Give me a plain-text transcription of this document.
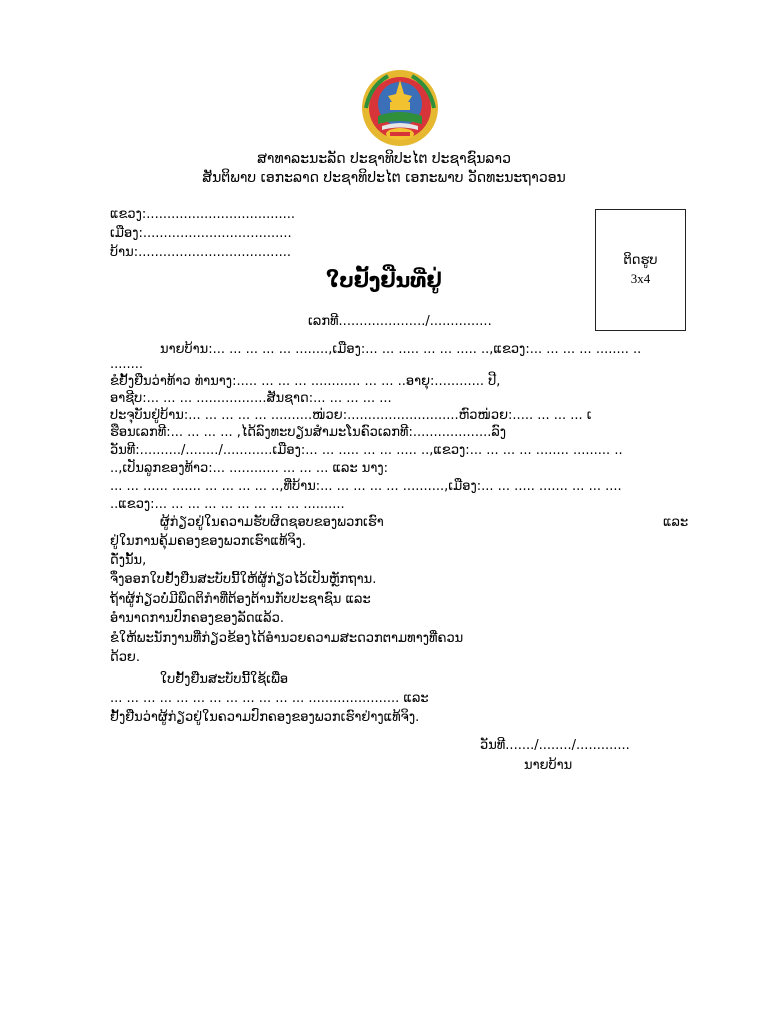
ສາທາລະນະລັດ ປະຊາທິປະໄຕ ປະຊາຊົນລາວ
ສັນຕິພາບ ເອກະລາດ ປະຊາທິປະໄຕ ເອກະພາບ ວັດທະນະຖາວອນ
ແຂວງ:....................................
ເມືອງ:....................................
ບ້ານ:.....................................
ຕິດຮູບ
3x4
ໃບຢັ້ງຢືນທີ່ຢູ່
ເລກທີ...................../...............
ນາຍບ້ານ:... ... ... ... ... ........,ເມືອງ:... ... ..... ... ... ..... ..,ແຂວງ:... ... ... ... ........ ..
........
ຂໍຢັ້ງຢືນວ່າທ້າວ ທ່ານາງ:..... ... ... ... ............ ... ... ..ອາຍຸ:............ ປີ,
ອາຊີບ:... ... ... .................ສັນຊາດ:... ... ... ... ...
ປະຈຸບັນຢູ່ບ້ານ:... ... ... ... ... ..........ໜ່ວຍ:...........................ຫົວໜ່ວຍ:..... ... ... ... ເ
ຮືອນເລກທີ:... ... ... ... ,ໄດ້ລົງທະບຽນສຳມະໂນຄົວເລກທີ:...................ລົງ
ວັນທີ:........../......../............ເມືອງ:... ... ..... ... ... ..... ..,ແຂວງ:... ... ... ... ........ ......... ..
..,ເປັນລູກຂອງທ້າວ:... ............ ... ... ... ແລະ ນາງ:
... ... ...... ....... ... ... ... ... ..,ທີ່ບ້ານ:... ... ... ... ... ..........,ເມືອງ:... ... ..... ....... ... ... ....
..ແຂວງ:... ... ... ... ... ... ... ... ... ..........
ຜູ້ກ່ຽວຢູ່ໃນຄວາມຮັບຜິດຊອບຂອງພວກເຮົາ	ແລະ
ຢູ່ໃນການຄຸ້ມຄອງຂອງພວກເຮົາແທ້ຈິງ.
ດັ່ງນັ້ນ,
ຈຶ່ງອອກໃບຢັ້ງຢືນສະບັບນີ້ໃຫ້ຜູ້ກ່ຽວໄວ້ເປັນຫຼັກຖານ.
ຖ້າຜູ້ກ່ຽວບໍ່ມີພຶດຕິກຳທີ່ຕ້ອງຕ້ານກັບປະຊາຊົນ ແລະ
ອຳນາດການປົກຄອງຂອງລັດແລ້ວ.
ຂໍໃຫ້ພະນັກງານທີ່ກ່ຽວຂ້ອງໄດ້ອຳນວຍຄວາມສະດວກຕາມທາງທີ່ຄວນ
ດ້ວຍ.
ໃບຢັ້ງຢືນສະບັບນີ້ໃຊ້ເພື່ອ
... ... ... ... ... ... ... ... ... ... ... ... ...................... ແລະ
ຢັ້ງຢືນວ່າຜູ້ກ່ຽວຢູ່ໃນຄວາມປົກຄອງຂອງພວກເຮົາຢ່າງແທ້ຈິງ.
ວັນທີ......./......../.............
ນາຍບ້ານ
